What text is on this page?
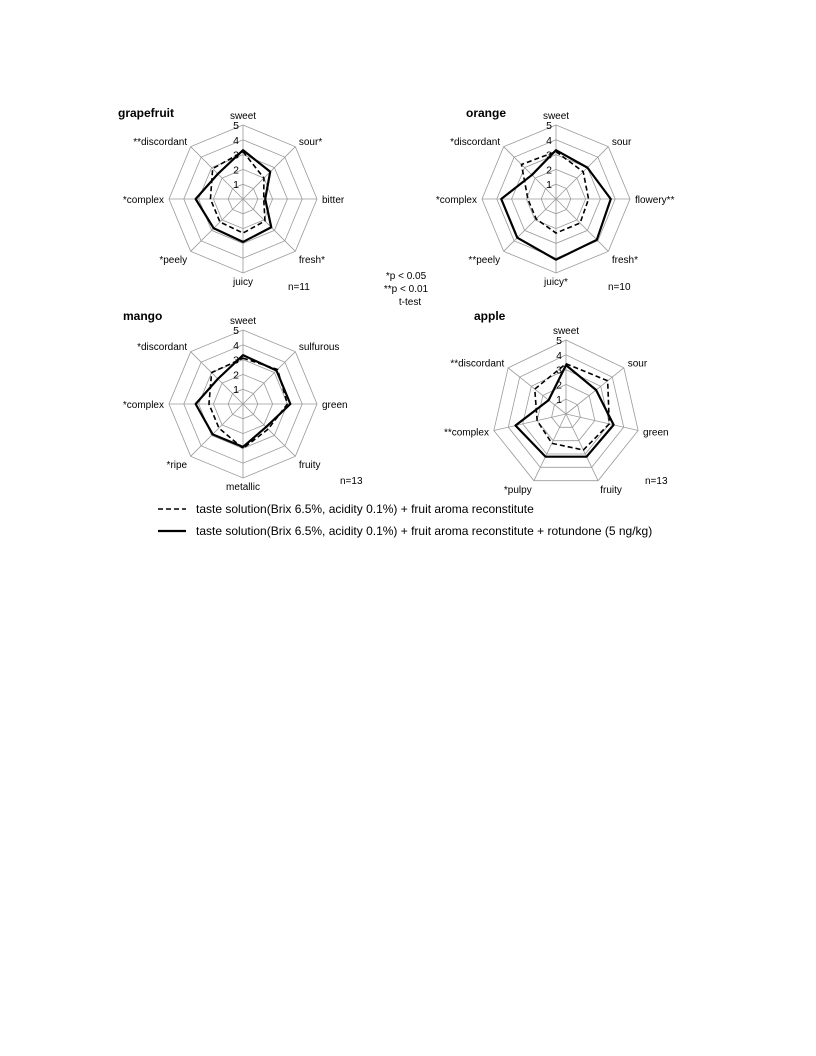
grapefruit
1
2
3
4
5
sweet
sour*
bitter
fresh*
juicy
*peely
*complex
**discordant
n=11
orange
1
2
3
4
5
sweet
sour
flowery**
fresh*
juicy*
**peely
*complex
*discordant
n=10
mango
1
2
3
4
5
sweet
sulfurous
green
fruity
metallic
*ripe
*complex
*discordant
n=13
apple
1
2
3
4
5
sweet
sour
green
fruity
*pulpy
**complex
**discordant
n=13
*p < 0.05
**p < 0.01
t-test
taste solution(Brix 6.5%, acidity 0.1%) + fruit aroma reconstitute
taste solution(Brix 6.5%, acidity 0.1%) + fruit aroma reconstitute + rotundone (5 ng/kg)
